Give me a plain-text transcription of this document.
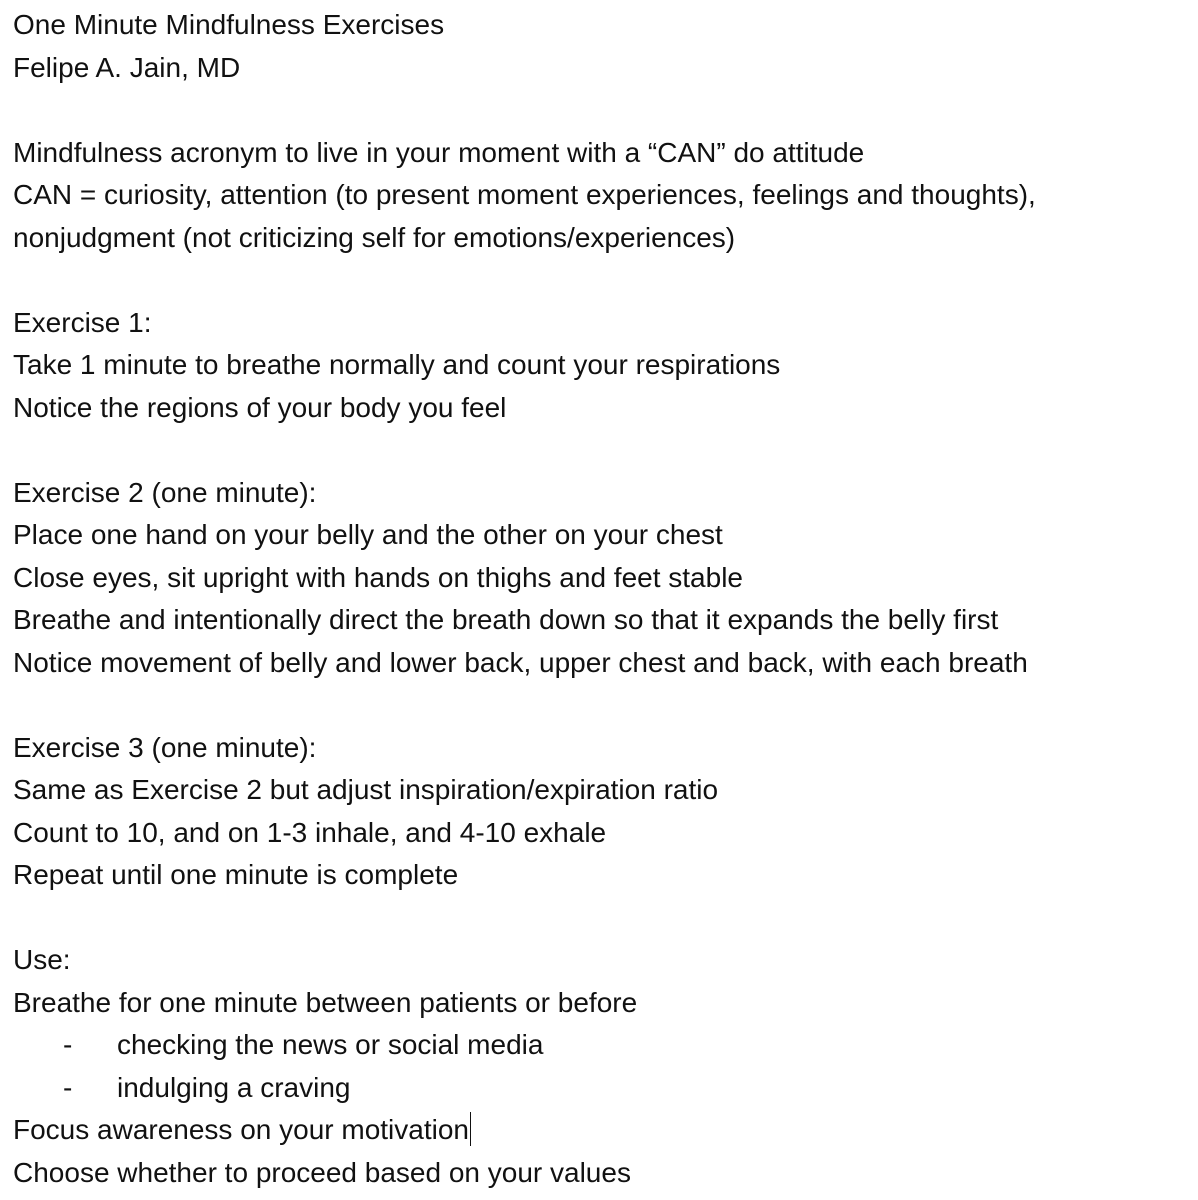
One Minute Mindfulness Exercises
Felipe A. Jain, MD
Mindfulness acronym to live in your moment with a “CAN” do attitude
CAN = curiosity, attention (to present moment experiences, feelings and thoughts),
nonjudgment (not criticizing self for emotions/experiences)
Exercise 1:
Take 1 minute to breathe normally and count your respirations
Notice the regions of your body you feel
Exercise 2 (one minute):
Place one hand on your belly and the other on your chest
Close eyes, sit upright with hands on thighs and feet stable
Breathe and intentionally direct the breath down so that it expands the belly first
Notice movement of belly and lower back, upper chest and back, with each breath
Exercise 3 (one minute):
Same as Exercise 2 but adjust inspiration/expiration ratio
Count to 10, and on 1-3 inhale, and 4-10 exhale
Repeat until one minute is complete
Use:
Breathe for one minute between patients or before
-	checking the news or social media
-	indulging a craving
Focus awareness on your motivation
Choose whether to proceed based on your values
